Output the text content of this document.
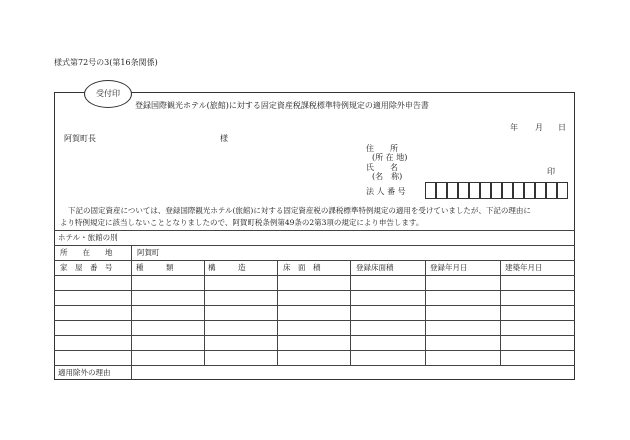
様式第72号の3(第16条関係)
受付印
登録国際観光ホテル(旅館)に対する固定資産税課税標準特例規定の適用除外申告書
年 月 日
阿賀町長	様
住　　所
(所 在 地)
氏　　名
(名　称)
印
法 人 番 号
下記の固定資産については、登録国際観光ホテル(旅館)に対する固定資産税の課税標準特例規定の適用を受けていましたが、下記の理由に
より特例規定に該当しないこととなりましたので、阿賀町税条例第49条の2第3項の規定により申告します。
ホテル・旅館の別
所　　在　　地	阿賀町
家　屋　番　号	種　　　類	構　　　造	床　面　積	登録床面積	登録年月日	建築年月日
適用除外の理由
